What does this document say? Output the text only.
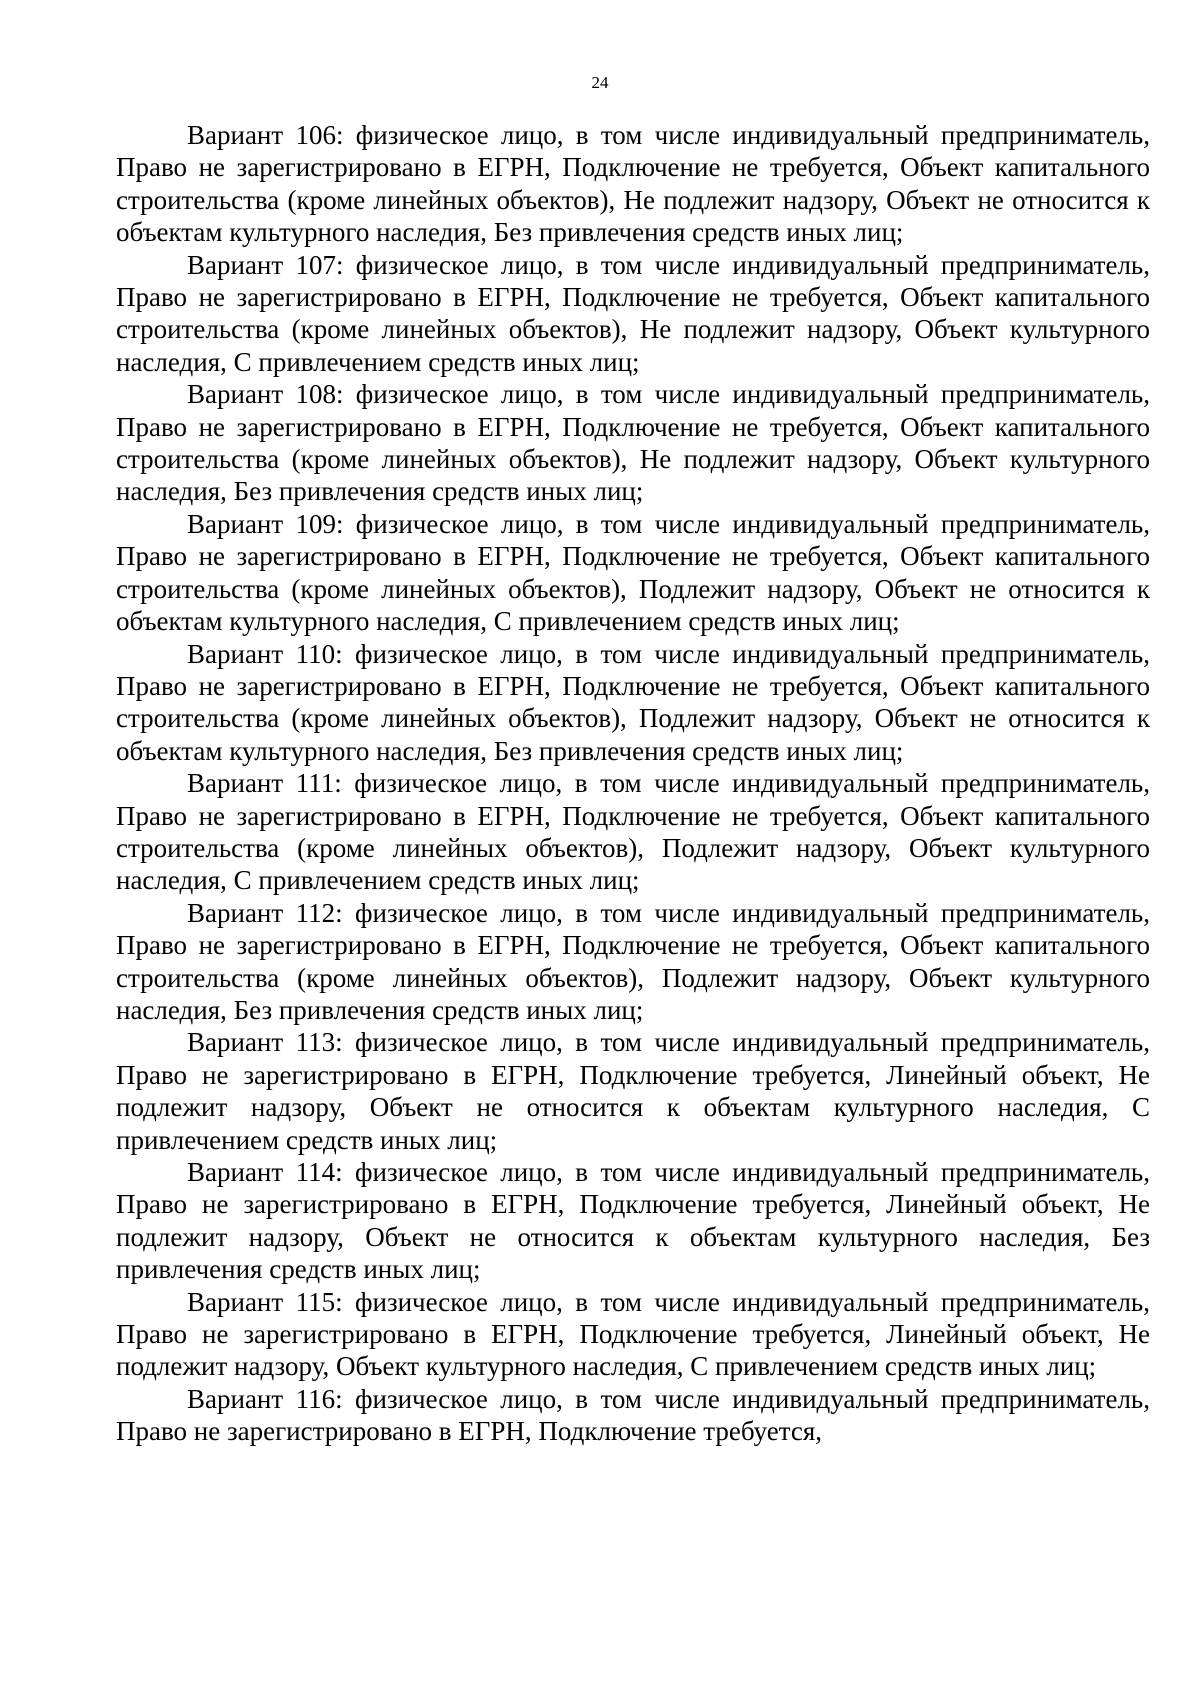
24

Вариант 106: физическое лицо, в том числе индивидуальный предприниматель, Право не зарегистрировано в ЕГРН, Подключение не требуется, Объект капитального строительства (кроме линейных объектов), Не подлежит надзору, Объект не относится к объектам культурного наследия, Без привлечения средств иных лиц;

Вариант 107: физическое лицо, в том числе индивидуальный предприниматель, Право не зарегистрировано в ЕГРН, Подключение не требуется, Объект капитального строительства (кроме линейных объектов), Не подлежит надзору, Объект культурного наследия, С привлечением средств иных лиц;

Вариант 108: физическое лицо, в том числе индивидуальный предприниматель, Право не зарегистрировано в ЕГРН, Подключение не требуется, Объект капитального строительства (кроме линейных объектов), Не подлежит надзору, Объект культурного наследия, Без привлечения средств иных лиц;

Вариант 109: физическое лицо, в том числе индивидуальный предприниматель, Право не зарегистрировано в ЕГРН, Подключение не требуется, Объект капитального строительства (кроме линейных объектов), Подлежит надзору, Объект не относится к объектам культурного наследия, С привлечением средств иных лиц;

Вариант 110: физическое лицо, в том числе индивидуальный предприниматель, Право не зарегистрировано в ЕГРН, Подключение не требуется, Объект капитального строительства (кроме линейных объектов), Подлежит надзору, Объект не относится к объектам культурного наследия, Без привлечения средств иных лиц;

Вариант 111: физическое лицо, в том числе индивидуальный предприниматель, Право не зарегистрировано в ЕГРН, Подключение не требуется, Объект капитального строительства (кроме линейных объектов), Подлежит надзору, Объект культурного наследия, С привлечением средств иных лиц;

Вариант 112: физическое лицо, в том числе индивидуальный предприниматель, Право не зарегистрировано в ЕГРН, Подключение не требуется, Объект капитального строительства (кроме линейных объектов), Подлежит надзору, Объект культурного наследия, Без привлечения средств иных лиц;

Вариант 113: физическое лицо, в том числе индивидуальный предприниматель, Право не зарегистрировано в ЕГРН, Подключение требуется, Линейный объект, Не подлежит надзору, Объект не относится к объектам культурного наследия, С привлечением средств иных лиц;

Вариант 114: физическое лицо, в том числе индивидуальный предприниматель, Право не зарегистрировано в ЕГРН, Подключение требуется, Линейный объект, Не подлежит надзору, Объект не относится к объектам культурного наследия, Без привлечения средств иных лиц;

Вариант 115: физическое лицо, в том числе индивидуальный предприниматель, Право не зарегистрировано в ЕГРН, Подключение требуется, Линейный объект, Не подлежит надзору, Объект культурного наследия, С привлечением средств иных лиц;

Вариант 116: физическое лицо, в том числе индивидуальный предприниматель, Право не зарегистрировано в ЕГРН, Подключение требуется,
